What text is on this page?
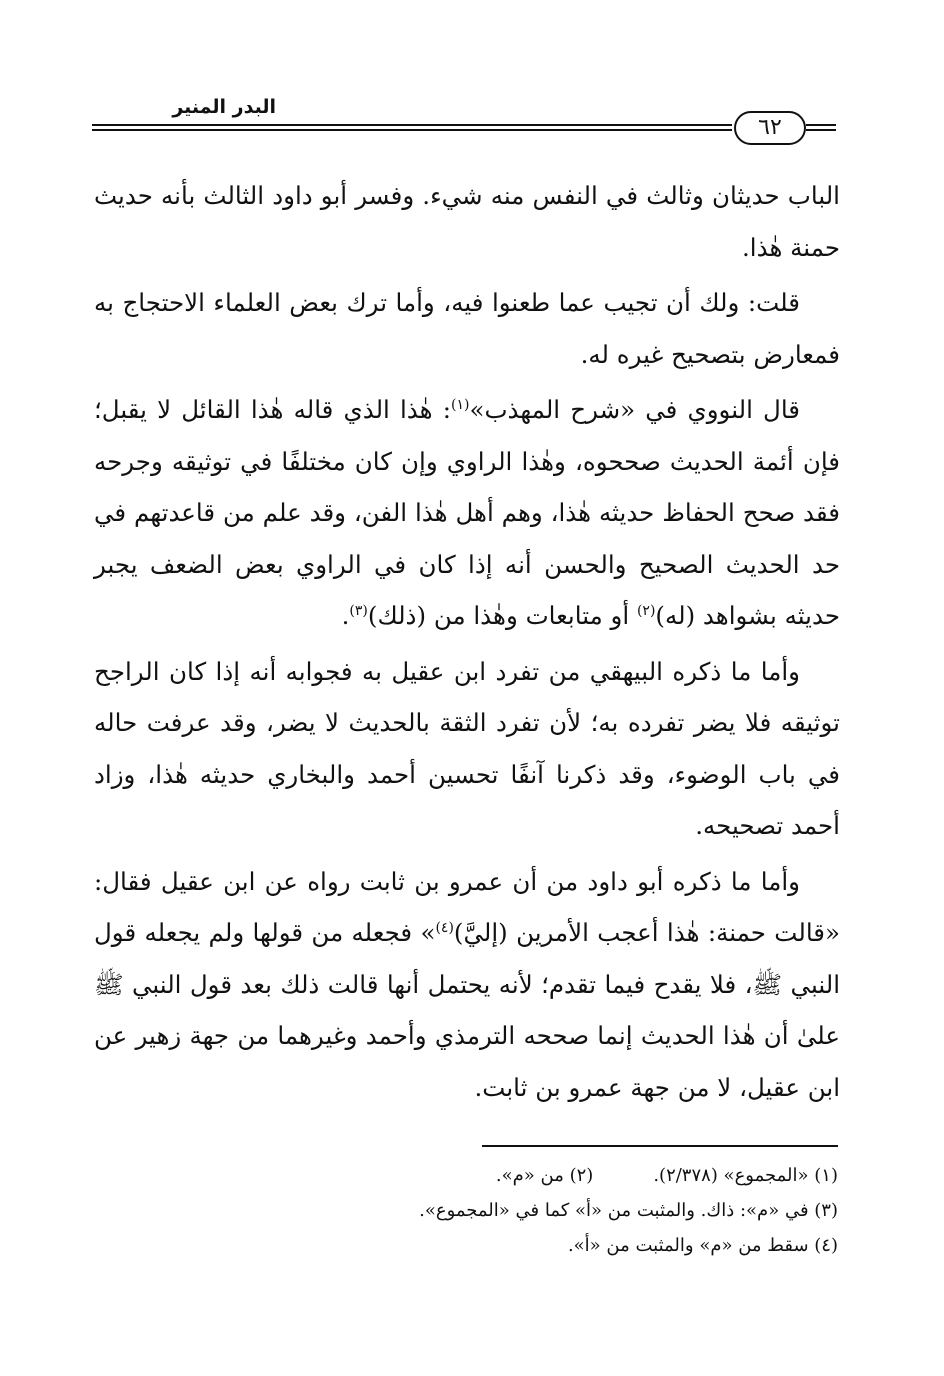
البدر المنير
٦٢

الباب حديثان وثالث في النفس منه شيء. وفسر أبو داود الثالث بأنه حديث حمنة هٰذا.

قلت: ولك أن تجيب عما طعنوا فيه، وأما ترك بعض العلماء الاحتجاج به فمعارض بتصحيح غيره له.

قال النووي في «شرح المهذب»$^{(١)}$: هٰذا الذي قاله هٰذا القائل لا يقبل؛ فإن أئمة الحديث صححوه، وهٰذا الراوي وإن كان مختلفًا في توثيقه وجرحه فقد صحح الحفاظ حديثه هٰذا، وهم أهل هٰذا الفن، وقد علم من قاعدتهم في حد الحديث الصحيح والحسن أنه إذا كان في الراوي بعض الضعف يجبر حديثه بشواهد (له)$^{(٢)}$ أو متابعات وهٰذا من (ذلك)$^{(٣)}$.

وأما ما ذكره البيهقي من تفرد ابن عقيل به فجوابه أنه إذا كان الراجح توثيقه فلا يضر تفرده به؛ لأن تفرد الثقة بالحديث لا يضر، وقد عرفت حاله في باب الوضوء، وقد ذكرنا آنفًا تحسين أحمد والبخاري حديثه هٰذا، وزاد أحمد تصحيحه.

وأما ما ذكره أبو داود من أن عمرو بن ثابت رواه عن ابن عقيل فقال: «قالت حمنة: هٰذا أعجب الأمرين (إليَّ)$^{(٤)}$» فجعله من قولها ولم يجعله قول النبي ﷺ، فلا يقدح فيما تقدم؛ لأنه يحتمل أنها قالت ذلك بعد قول النبي ﷺ علىٰ أن هٰذا الحديث إنما صححه الترمذي وأحمد وغيرهما من جهة زهير عن ابن عقيل، لا من جهة عمرو بن ثابت.

(١) «المجموع» (٢/٣٧٨).(٢) من «م».
(٣) في «م»: ذاك. والمثبت من «أ» كما في «المجموع».
(٤) سقط من «م» والمثبت من «أ».
